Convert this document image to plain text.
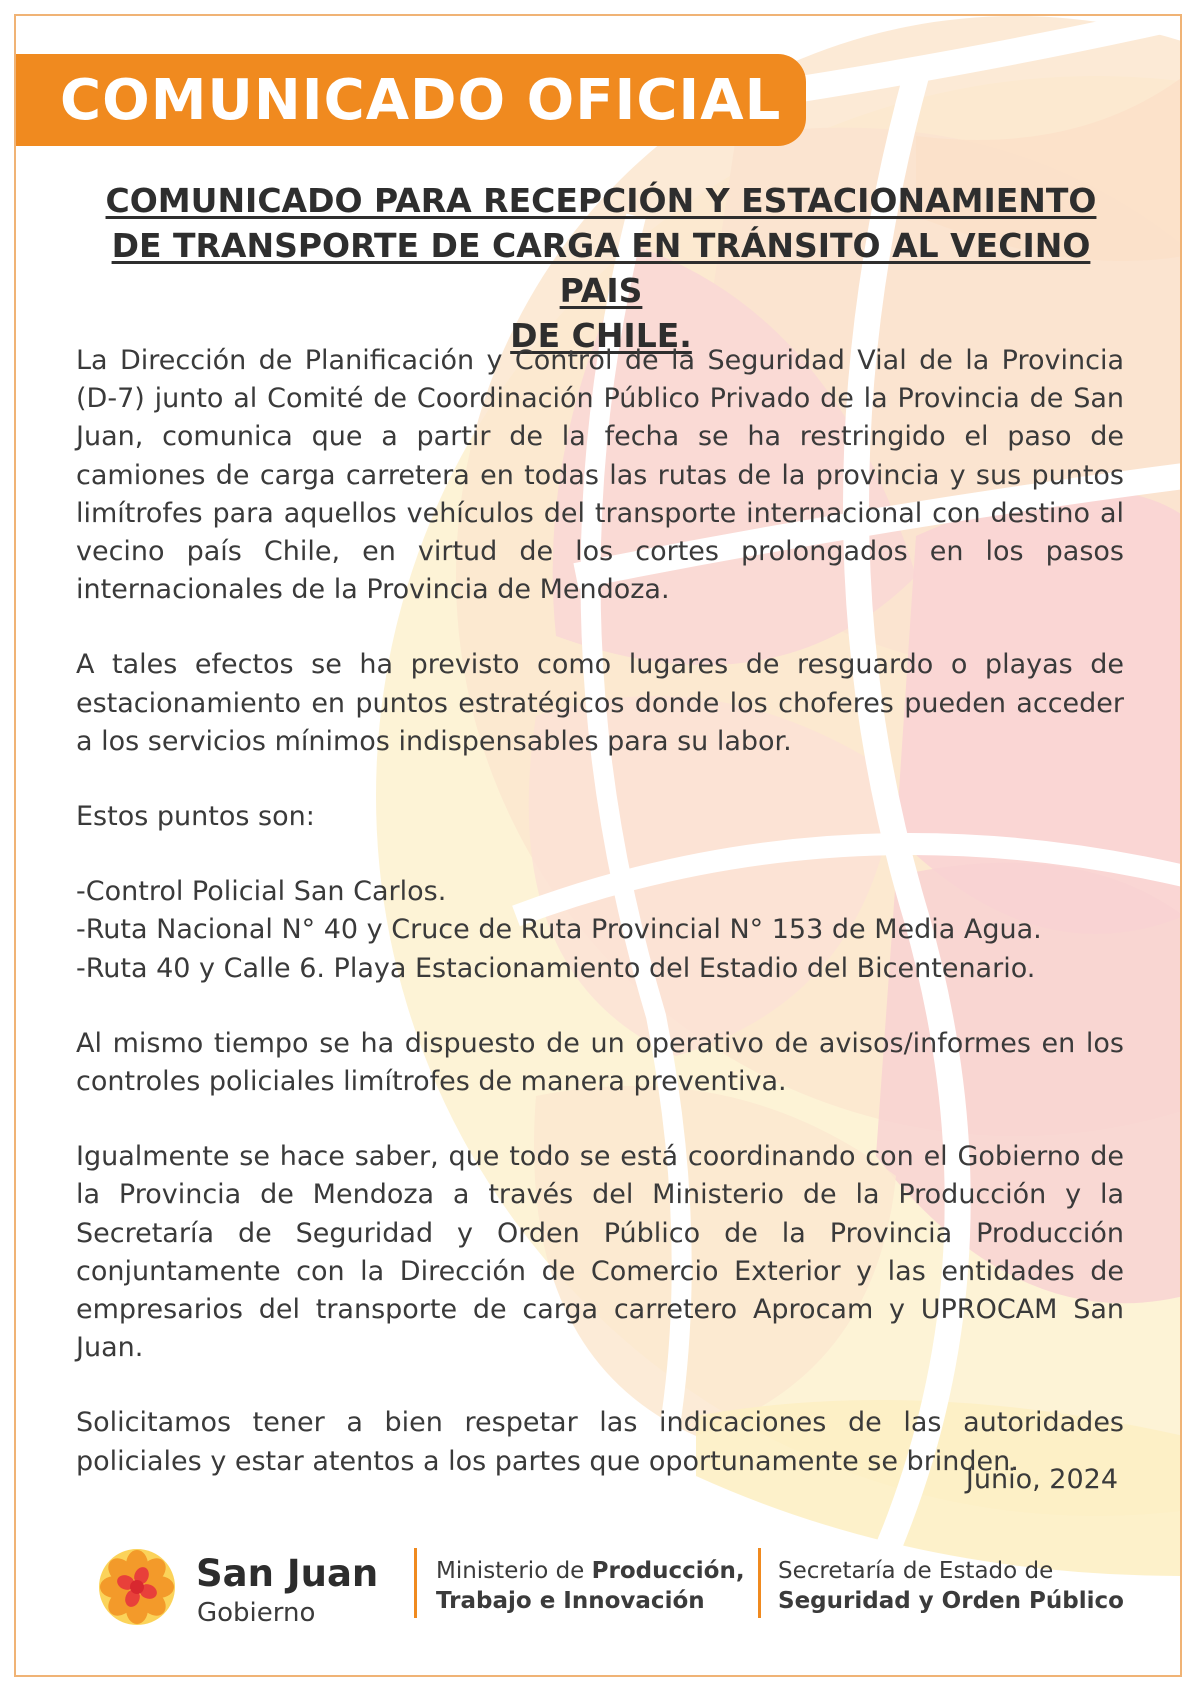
COMUNICADO OFICIAL
COMUNICADO PARA RECEPCIÓN Y ESTACIONAMIENTO
DE TRANSPORTE DE CARGA EN TRÁNSITO AL VECINO PAIS
DE CHILE.

La Dirección de Planificación y Control de la Seguridad Vial de la Provincia (D-7) junto al Comité de Coordinación Público Privado de la Provincia de San Juan, comunica que a partir de la fecha se ha restringido el paso de camiones de carga carretera en todas las rutas de la provincia y sus puntos limítrofes para aquellos vehículos del transporte internacional con destino al vecino país Chile, en virtud de los cortes prolongados en los pasos internacionales de la Provincia de Mendoza.

A tales efectos se ha previsto como lugares de resguardo o playas de estacionamiento en puntos estratégicos donde los choferes pueden acceder a los servicios mínimos indispensables para su labor.

Estos puntos son:

-Control Policial San Carlos.
-Ruta Nacional N° 40 y Cruce de Ruta Provincial N° 153 de Media Agua.
-Ruta 40 y Calle 6. Playa Estacionamiento del Estadio del Bicentenario.

Al mismo tiempo se ha dispuesto de un operativo de avisos/informes en los controles policiales limítrofes de manera preventiva.

Igualmente se hace saber, que todo se está coordinando con el Gobierno de la Provincia de Mendoza a través del Ministerio de la Producción y la Secretaría de Seguridad y Orden Público de la Provincia Producción conjuntamente con la Dirección de Comercio Exterior y las entidades de empresarios del transporte de carga carretero Aprocam y UPROCAM San Juan.

Solicitamos tener a bien respetar las indicaciones de las autoridades policiales y estar atentos a los partes que oportunamente se brinden.

Junio, 2024
San Juan
Gobierno
Ministerio de Producción,
Trabajo e Innovación
Secretaría de Estado de
Seguridad y Orden Público
